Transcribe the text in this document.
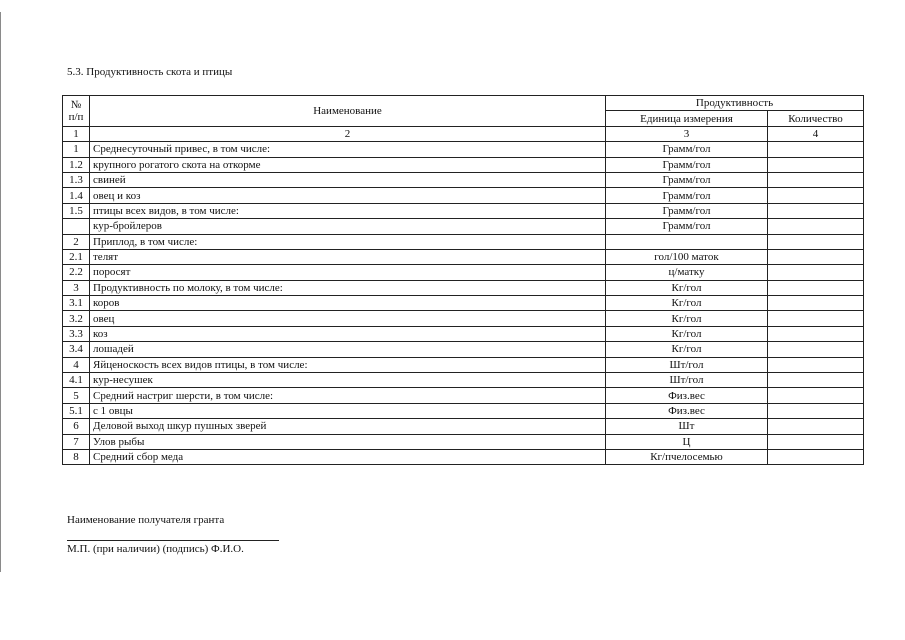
5.3. Продуктивность скота и птицы
№
п/п	Наименование	Продуктивность	
		Единица измерения	Количество
1	2	3	4
1	Среднесуточный привес, в том числе:	Грамм/гол	
1.2	крупного рогатого скота на откорме	Грамм/гол	
1.3	свиней	Грамм/гол	
1.4	овец и коз	Грамм/гол	
1.5	птицы всех видов, в том числе:	Грамм/гол	
	кур-бройлеров	Грамм/гол	
2	Приплод, в том числе:		
2.1	телят	гол/100 маток	
2.2	поросят	ц/матку	
3	Продуктивность по молоку, в том числе:	Кг/гол	
3.1	коров	Кг/гол	
3.2	овец	Кг/гол	
3.3	коз	Кг/гол	
3.4	лошадей	Кг/гол	
4	Яйценоскость всех видов птицы, в том числе:	Шт/гол	
4.1	кур-несушек	Шт/гол	
5	Средний настриг шерсти, в том числе:	Физ.вес	
5.1	с 1 овцы	Физ.вес	
6	Деловой выход шкур пушных зверей	Шт	
7	Улов рыбы	Ц	
8	Средний сбор меда	Кг/пчелосемью	
Наименование получателя гранта
М.П. (при наличии) (подпись) Ф.И.О.
